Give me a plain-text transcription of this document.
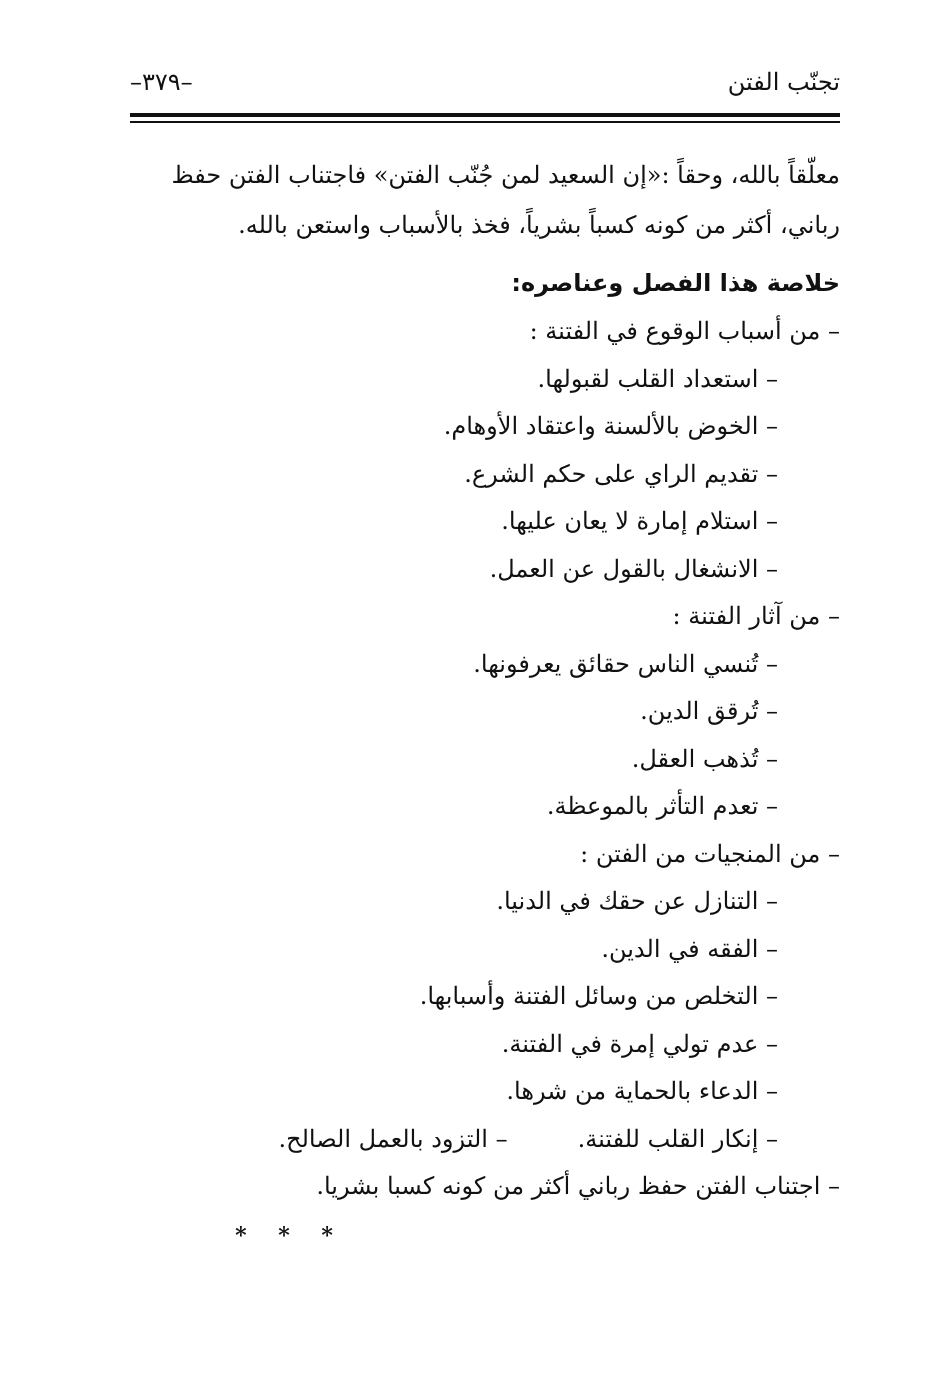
تجنّب الفتن
–٣٧٩–
معلّقاً بالله، وحقاً :«إن السعيد لمن جُنّب الفتن» فاجتناب الفتن حفظ
رباني، أكثر من كونه كسباً بشرياً، فخذ بالأسباب واستعن بالله.
خلاصة هذا الفصل وعناصره:
– من أسباب الوقوع في الفتنة :
– استعداد القلب لقبولها.
– الخوض بالألسنة واعتقاد الأوهام.
– تقديم الراي على حكم الشرع.
– استلام إمارة لا يعان عليها.
– الانشغال بالقول عن العمل.
– من آثار الفتنة :
– تُنسي الناس حقائق يعرفونها.
– تُرقق الدين.
– تُذهب العقل.
– تعدم التأثر بالموعظة.
– من المنجيات من الفتن :
– التنازل عن حقك في الدنيا.
– الفقه في الدين.
– التخلص من وسائل الفتنة وأسبابها.
– عدم تولي إمرة في الفتنة.
– الدعاء بالحماية من شرها.
– إنكار القلب للفتنة.– التزود بالعمل الصالح.
– اجتناب الفتن حفظ رباني أكثر من كونه كسبا بشريا.
* * *
